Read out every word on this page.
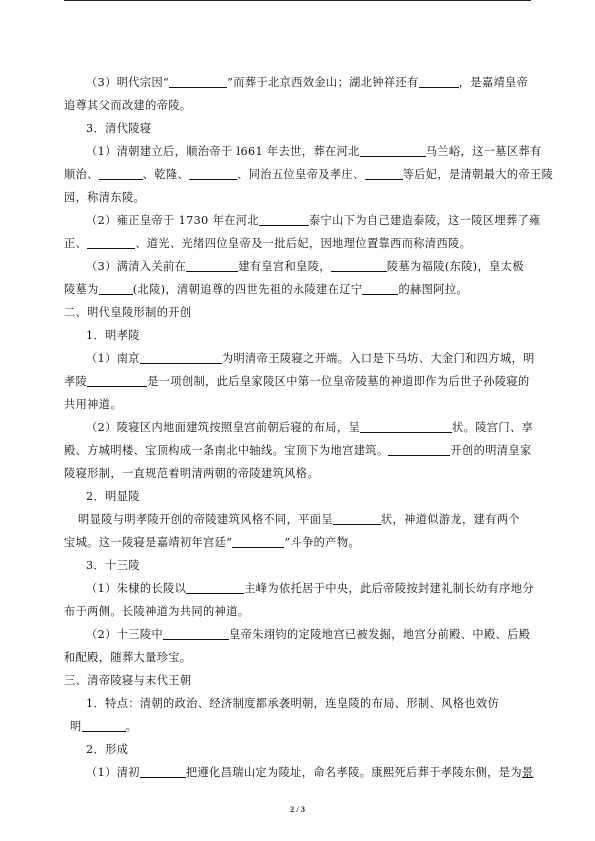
（3）明代宗因“	”而葬于北京西效金山；湖北钟祥还有	，是嘉靖皇帝
追尊其父而改建的帝陵。
3．清代陵寝
（1）清朝建立后，顺治帝于 l661 年去世，葬在河北	马兰峪，这一墓区葬有
顺治、	、乾隆、	、同治五位皇帝及孝庄、	等后妃，是清朝最大的帝王陵
园，称清东陵。
（2）雍正皇帝于 1730 年在河北	泰宁山下为自己建造泰陵，这一陵区埋葬了雍
正、	、道光、光绪四位皇帝及一批后妃，因地理位置靠西而称清西陵。
（3）满清入关前在	建有皇宫和皇陵，	陵墓为福陵(东陵)，皇太极
陵墓为	(北陵)，清朝追尊的四世先祖的永陵建在辽宁	的赫图阿拉。
二、明代皇陵形制的开创
1．明孝陵
（1）南京	为明清帝王陵寝之开端。入口是下马坊、大金门和四方城，明
孝陵	是一项创制，此后皇家陵区中第一位皇帝陵墓的神道即作为后世子孙陵寝的
共用神道。
（2）陵寝区内地面建筑按照皇宫前朝后寝的布局，呈	状。陵宫门、享
殿、方城明楼、宝顶构成一条南北中轴线。宝顶下为地宫建筑。	开创的明清皇家
陵寝形制，一直规范着明清两朝的帝陵建筑风格。
2．明显陵
明显陵与明孝陵开创的帝陵建筑风格不同，平面呈	状，神道似游龙，建有两个
宝城。这一陵寝是嘉靖初年宫廷“	”斗争的产物。
3．十三陵
（1）朱棣的长陵以	主峰为依托居于中央，此后帝陵按封建礼制长幼有序地分
布于两侧。长陵神道为共同的神道。
（2）十三陵中	皇帝朱翊钧的定陵地宫已被发掘，地宫分前殿、中殿、后殿
和配殿，随葬大量珍宝。
三、清帝陵寝与末代王朝
1．特点：清朝的政治、经济制度都承袭明朝，连皇陵的布局、形制、风格也效仿
明	。
2．形成
（1）清初	把遵化昌瑞山定为陵址，命名孝陵。康熙死后葬于孝陵东侧，是为景
2 / 3
